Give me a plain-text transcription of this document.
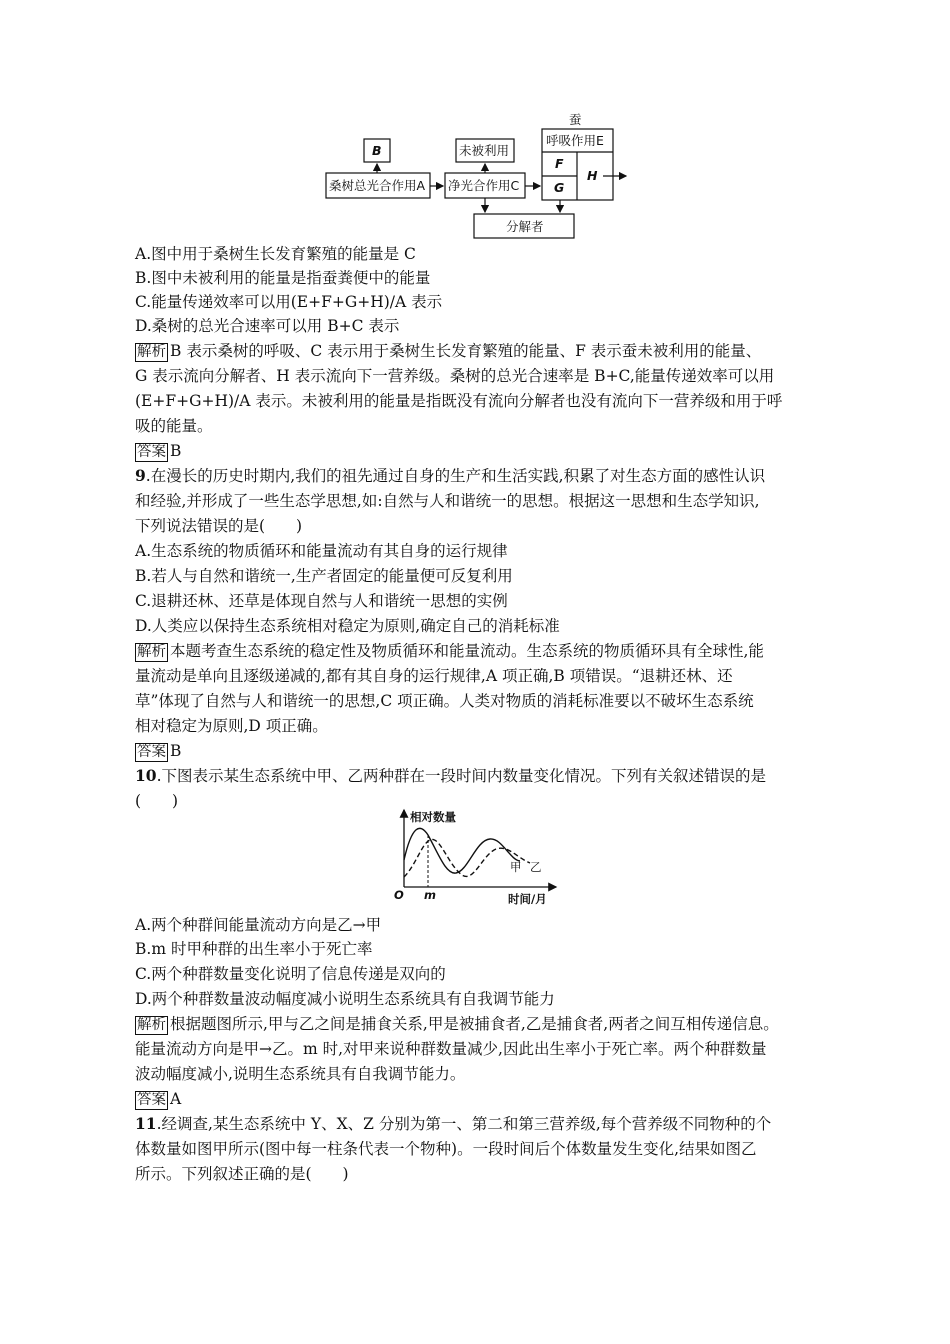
蚕
B	未被利用
呼吸作用E
桑树总光合作用A 净光合作用C
F
G
H
分解者
A.图中用于桑树生长发育繁殖的能量是 C
B.图中未被利用的能量是指蚕粪便中的能量
C.能量传递效率可以用(E+F+G+H)/A 表示
D.桑树的总光合速率可以用 B+C 表示
解析 B 表示桑树的呼吸、C 表示用于桑树生长发育繁殖的能量、F 表示蚕未被利用的能量、
G 表示流向分解者、H 表示流向下一营养级。桑树的总光合速率是 B+C,能量传递效率可以用
(E+F+G+H)/A 表示。未被利用的能量是指既没有流向分解者也没有流向下一营养级和用于呼
吸的能量。
答案 B
9.在漫长的历史时期内,我们的祖先通过自身的生产和生活实践,积累了对生态方面的感性认识
和经验,并形成了一些生态学思想,如:自然与人和谐统一的思想。根据这一思想和生态学知识,
下列说法错误的是(　　)
A.生态系统的物质循环和能量流动有其自身的运行规律
B.若人与自然和谐统一,生产者固定的能量便可反复利用
C.退耕还林、还草是体现自然与人和谐统一思想的实例
D.人类应以保持生态系统相对稳定为原则,确定自己的消耗标准
解析 本题考查生态系统的稳定性及物质循环和能量流动。生态系统的物质循环具有全球性,能
量流动是单向且逐级递减的,都有其自身的运行规律,A 项正确,B 项错误。“退耕还林、还
草”体现了自然与人和谐统一的思想,C 项正确。人类对物质的消耗标准要以不破坏生态系统
相对稳定为原则,D 项正确。
答案 B
10.下图表示某生态系统中甲、乙两种群在一段时间内数量变化情况。下列有关叙述错误的是
(　　)
相对数量
时间/月
O m
甲 乙
A.两个种群间能量流动方向是乙→甲
B.m 时甲种群的出生率小于死亡率
C.两个种群数量变化说明了信息传递是双向的
D.两个种群数量波动幅度减小说明生态系统具有自我调节能力
解析 根据题图所示,甲与乙之间是捕食关系,甲是被捕食者,乙是捕食者,两者之间互相传递信息。
能量流动方向是甲→乙。m 时,对甲来说种群数量减少,因此出生率小于死亡率。两个种群数量
波动幅度减小,说明生态系统具有自我调节能力。
答案 A
11.经调查,某生态系统中 Y、X、Z 分别为第一、第二和第三营养级,每个营养级不同物种的个
体数量如图甲所示(图中每一柱条代表一个物种)。一段时间后个体数量发生变化,结果如图乙
所示。下列叙述正确的是(　　)
